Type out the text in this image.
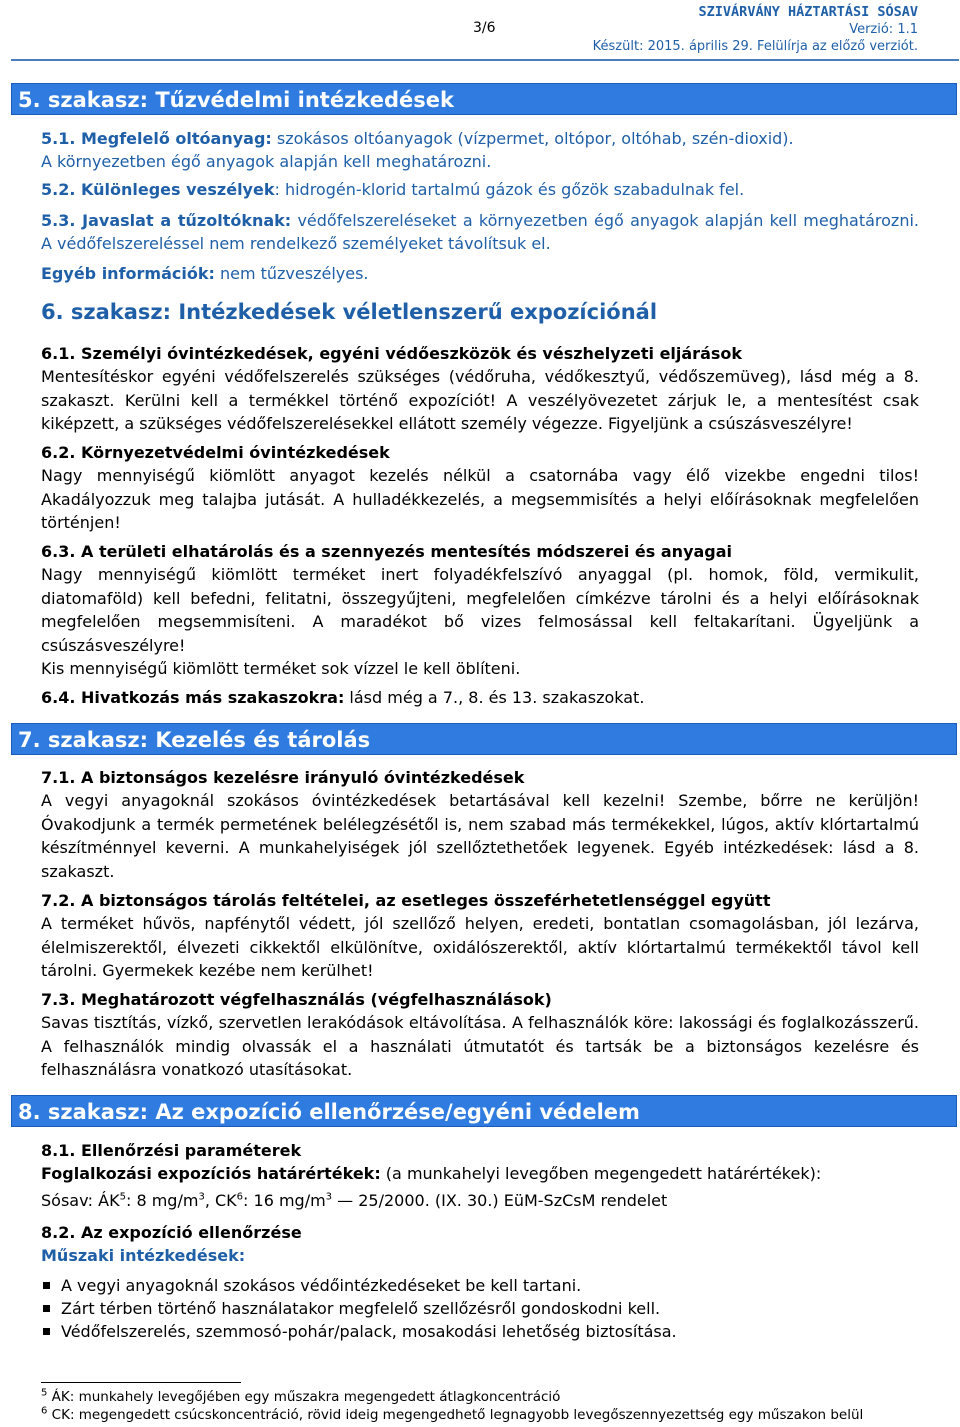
3/6
SZIVÁRVÁNY HÁZTARTÁSI SÓSAV
Verzió: 1.1
Készült: 2015. április 29. Felülírja az előző verziót.
5. szakasz: Tűzvédelmi intézkedések
5.1. Megfelelő oltóanyag: szokásos oltóanyagok (vízpermet, oltópor, oltóhab, szén-dioxid).
A környezetben égő anyagok alapján kell meghatározni.
5.2. Különleges veszélyek: hidrogén-klorid tartalmú gázok és gőzök szabadulnak fel.
5.3. Javaslat a tűzoltóknak: védőfelszereléseket a környezetben égő anyagok alapján kell meghatározni. A védőfelszereléssel nem rendelkező személyeket távolítsuk el.
Egyéb információk: nem tűzveszélyes.
6. szakasz: Intézkedések véletlenszerű expozíciónál
6.1. Személyi óvintézkedések, egyéni védőeszközök és vészhelyzeti eljárások
Mentesítéskor egyéni védőfelszerelés szükséges (védőruha, védőkesztyű, védőszemüveg), lásd még a 8. szakaszt. Kerülni kell a termékkel történő expozíciót! A veszélyövezetet zárjuk le, a mentesítést csak kiképzett, a szükséges védőfelszerelésekkel ellátott személy végezze. Figyeljünk a csúszásveszélyre!
6.2. Környezetvédelmi óvintézkedések
Nagy mennyiségű kiömlött anyagot kezelés nélkül a csatornába vagy élő vizekbe engedni tilos! Akadályozzuk meg talajba jutását. A hulladékkezelés, a megsemmisítés a helyi előírásoknak megfelelően történjen!
6.3. A területi elhatárolás és a szennyezés mentesítés módszerei és anyagai
Nagy mennyiségű kiömlött terméket inert folyadékfelszívó anyaggal (pl. homok, föld, vermikulit, diatomaföld) kell befedni, felitatni, összegyűjteni, megfelelően címkézve tárolni és a helyi előírásoknak megfelelően megsemmisíteni. A maradékot bő vizes felmosással kell feltakarítani. Ügyeljünk a csúszásveszélyre!
Kis mennyiségű kiömlött terméket sok vízzel le kell öblíteni.
6.4. Hivatkozás más szakaszokra: lásd még a 7., 8. és 13. szakaszokat.
7. szakasz: Kezelés és tárolás
7.1. A biztonságos kezelésre irányuló óvintézkedések
A vegyi anyagoknál szokásos óvintézkedések betartásával kell kezelni! Szembe, bőrre ne kerüljön! Óvakodjunk a termék permetének belélegzésétől is, nem szabad más termékekkel, lúgos, aktív klórtartalmú készítménnyel keverni. A munkahelyiségek jól szellőztethetőek legyenek. Egyéb intézkedések: lásd a 8. szakaszt.
7.2. A biztonságos tárolás feltételei, az esetleges összeférhetetlenséggel együtt
A terméket hűvös, napfénytől védett, jól szellőző helyen, eredeti, bontatlan csomagolásban, jól lezárva, élelmiszerektől, élvezeti cikkektől elkülönítve, oxidálószerektől, aktív klórtartalmú termékektől távol kell tárolni. Gyermekek kezébe nem kerülhet!
7.3. Meghatározott végfelhasználás (végfelhasználások)
Savas tisztítás, vízkő, szervetlen lerakódások eltávolítása. A felhasználók köre: lakossági és foglalkozásszerű. A felhasználók mindig olvassák el a használati útmutatót és tartsák be a biztonságos kezelésre és felhasználásra vonatkozó utasításokat.
8. szakasz: Az expozíció ellenőrzése/egyéni védelem
8.1. Ellenőrzési paraméterek
Foglalkozási expozíciós határértékek: (a munkahelyi levegőben megengedett határértékek):
Sósav: $ÁK^5$: 8 $mg/m^3$, $CK^6$: 16 $mg/m^3$ — 25/2000. (IX. 30.) EüM-SzCsM rendelet
8.2. Az expozíció ellenőrzése
Műszaki intézkedések:
A vegyi anyagoknál szokásos védőintézkedéseket be kell tartani.
Zárt térben történő használatakor megfelelő szellőzésről gondoskodni kell.
Védőfelszerelés, szemmosó-pohár/palack, mosakodási lehetőség biztosítása.
$^5$ ÁK: munkahely levegőjében egy műszakra megengedett átlagkoncentráció
$^6$ CK: megengedett csúcskoncentráció, rövid ideig megengedhető legnagyobb levegőszennyezettség egy műszakon belül
